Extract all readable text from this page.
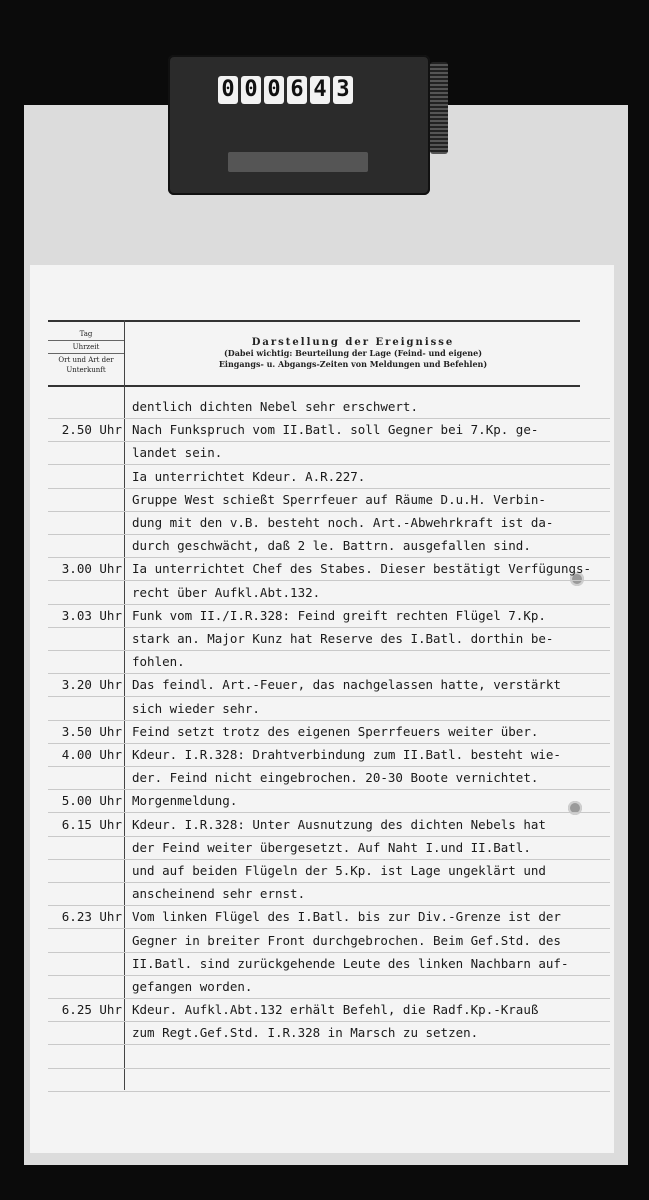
0 0 0 6 4 3
Tag
Uhrzeit
Ort und Art der Unterkunft
Darstellung der Ereignisse
(Dabei wichtig: Beurteilung der Lage (Feind- und eigene)
Eingangs- u. Abgangs-Zeiten von Meldungen und Befehlen)
dentlich dichten Nebel sehr erschwert.
2.50 Uhr Nach Funkspruch vom II.Batl. soll Gegner bei 7.Kp. ge-
landet sein.
Ia unterrichtet Kdeur. A.R.227.
Gruppe West schießt Sperrfeuer auf Räume D.u.H. Verbin-
dung mit den v.B. besteht noch. Art.-Abwehrkraft ist da-
durch geschwächt, daß 2 le. Battrn. ausgefallen sind.
3.00 Uhr Ia unterrichtet Chef des Stabes. Dieser bestätigt Verfügungs-
recht über Aufkl.Abt.132.
3.03 Uhr Funk vom II./I.R.328: Feind greift rechten Flügel 7.Kp.
stark an. Major Kunz hat Reserve des I.Batl. dorthin be-
fohlen.
3.20 Uhr Das feindl. Art.-Feuer, das nachgelassen hatte, verstärkt
sich wieder sehr.
3.50 Uhr Feind setzt trotz des eigenen Sperrfeuers weiter über.
4.00 Uhr Kdeur. I.R.328: Drahtverbindung zum II.Batl. besteht wie-
der. Feind nicht eingebrochen. 20-30 Boote vernichtet.
5.00 Uhr Morgenmeldung.
6.15 Uhr Kdeur. I.R.328: Unter Ausnutzung des dichten Nebels hat
der Feind weiter übergesetzt. Auf Naht I.und II.Batl.
und auf beiden Flügeln der 5.Kp. ist Lage ungeklärt und
anscheinend sehr ernst.
6.23 Uhr Vom linken Flügel des I.Batl. bis zur Div.-Grenze ist der
Gegner in breiter Front durchgebrochen. Beim Gef.Std. des
II.Batl. sind zurückgehende Leute des linken Nachbarn auf-
gefangen worden.
6.25 Uhr Kdeur. Aufkl.Abt.132 erhält Befehl, die Radf.Kp.-Krauß
zum Regt.Gef.Std. I.R.328 in Marsch zu setzen.
